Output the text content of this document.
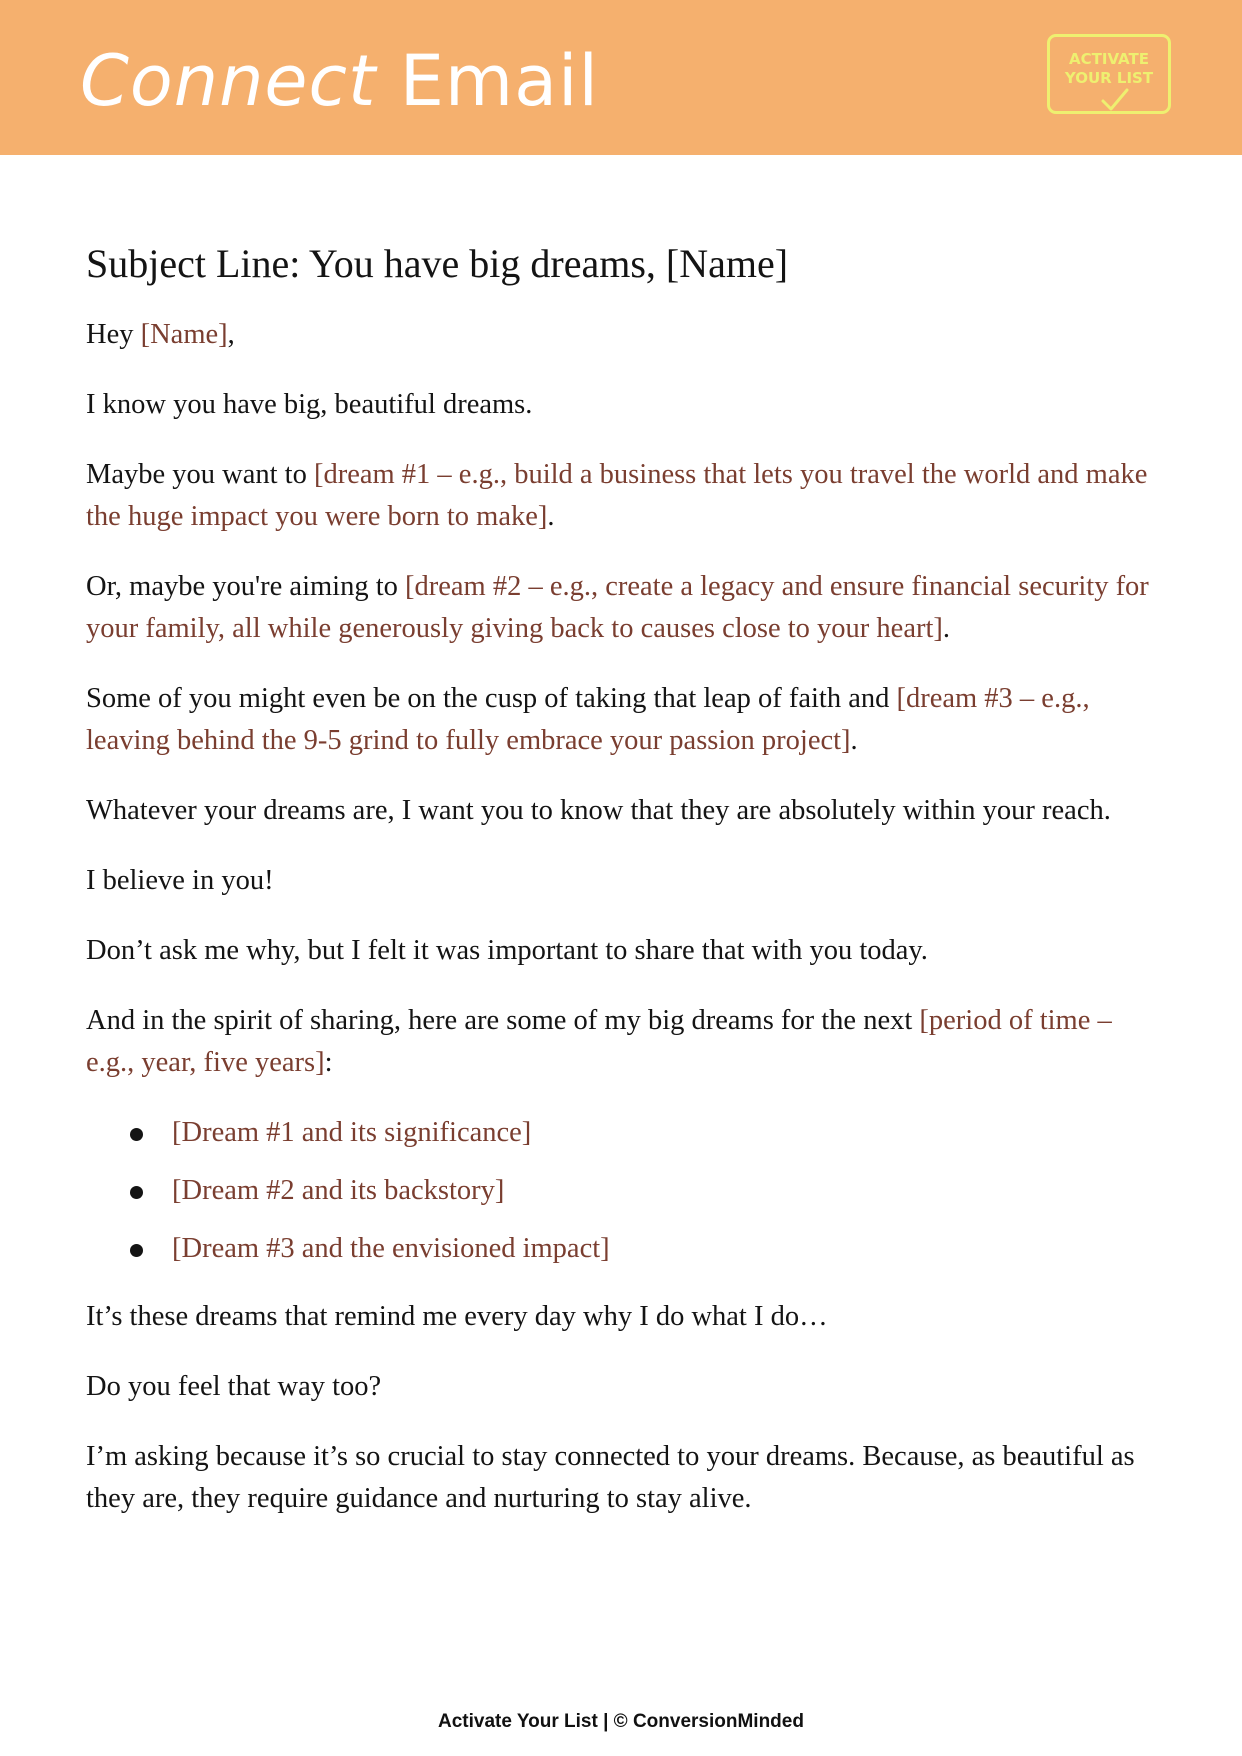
Connect Email	ACTIVATE
YOUR LIST
Subject Line: You have big dreams, [Name]

Hey [Name],

I know you have big, beautiful dreams.

Maybe you want to [dream #1 – e.g., build a business that lets you travel the world and make the huge impact you were born to make].

Or, maybe you're aiming to [dream #2 – e.g., create a legacy and ensure financial security for your family, all while generously giving back to causes close to your heart].

Some of you might even be on the cusp of taking that leap of faith and [dream #3 – e.g., leaving behind the 9-5 grind to fully embrace your passion project].

Whatever your dreams are, I want you to know that they are absolutely within your reach.

I believe in you!

Don’t ask me why, but I felt it was important to share that with you today.

And in the spirit of sharing, here are some of my big dreams for the next [period of time – e.g., year, five years]:

[Dream #1 and its significance]
[Dream #2 and its backstory]
[Dream #3 and the envisioned impact]

It’s these dreams that remind me every day why I do what I do…

Do you feel that way too?

I’m asking because it’s so crucial to stay connected to your dreams. Because, as beautiful as they are, they require guidance and nurturing to stay alive.

Activate Your List | © ConversionMinded
